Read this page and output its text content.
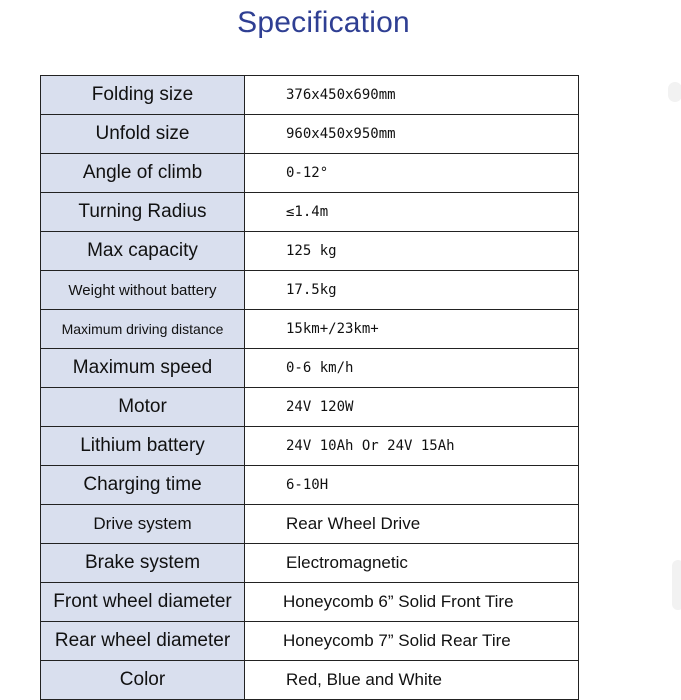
Specification
Folding size	376x450x690mm
Unfold size	960x450x950mm
Angle of climb	0-12°
Turning Radius	≤1.4m
Max capacity	125 kg
Weight without battery	17.5kg
Maximum driving distance	15km+/23km+
Maximum speed	0-6 km/h
Motor	24V 120W
Lithium battery	24V 10Ah Or 24V 15Ah
Charging time	6-10H
Drive system	Rear Wheel Drive
Brake system	Electromagnetic
Front wheel diameter	Honeycomb 6” Solid Front Tire
Rear wheel diameter	Honeycomb 7” Solid Rear Tire
Color	Red, Blue and White
